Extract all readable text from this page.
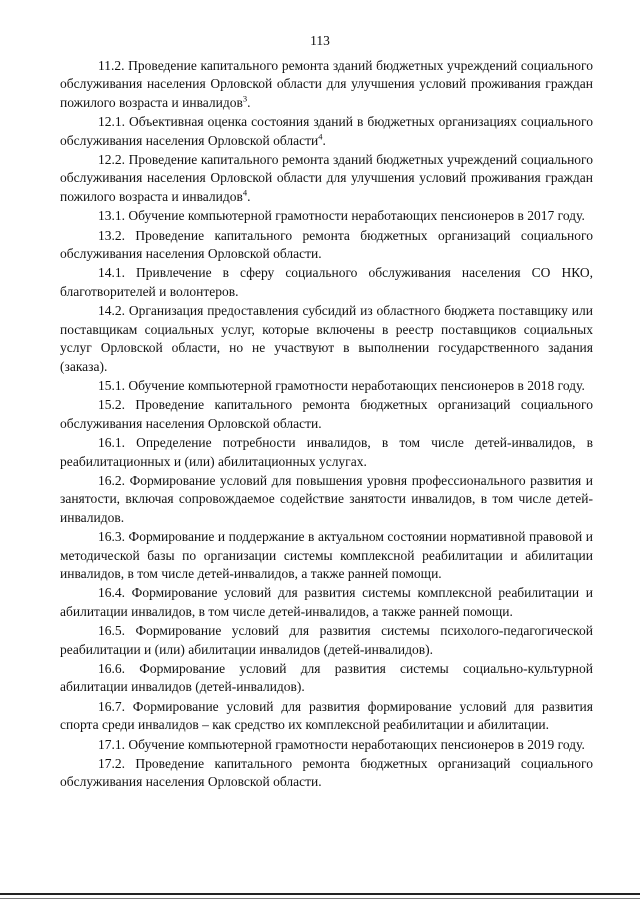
113

11.2. Проведение капитального ремонта зданий бюджетных учреждений социального обслуживания населения Орловской области для улучшения условий проживания граждан пожилого возраста и инвалидов$^3$.

12.1. Объективная оценка состояния зданий в бюджетных организациях социального обслуживания населения Орловской области$^4$.

12.2. Проведение капитального ремонта зданий бюджетных учреждений социального обслуживания населения Орловской области для улучшения условий проживания граждан пожилого возраста и инвалидов$^4$.

13.1. Обучение компьютерной грамотности неработающих пенсионеров в 2017 году.

13.2. Проведение капитального ремонта бюджетных организаций социального обслуживания населения Орловской области.

14.1. Привлечение в сферу социального обслуживания населения СО НКО, благотворителей и волонтеров.

14.2. Организация предоставления субсидий из областного бюджета поставщику или поставщикам социальных услуг, которые включены в реестр поставщиков социальных услуг Орловской области, но не участвуют в выполнении государственного задания (заказа).

15.1. Обучение компьютерной грамотности неработающих пенсионеров в 2018 году.

15.2. Проведение капитального ремонта бюджетных организаций социального обслуживания населения Орловской области.

16.1. Определение потребности инвалидов, в том числе детей-инвалидов, в реабилитационных и (или) абилитационных услугах.

16.2. Формирование условий для повышения уровня профессионального развития и занятости, включая сопровождаемое содействие занятости инвалидов, в том числе детей-инвалидов.

16.3. Формирование и поддержание в актуальном состоянии нормативной правовой и методической базы по организации системы комплексной реабилитации и абилитации инвалидов, в том числе детей-инвалидов, а также ранней помощи.

16.4. Формирование условий для развития системы комплексной реабилитации и абилитации инвалидов, в том числе детей-инвалидов, а также ранней помощи.

16.5. Формирование условий для развития системы психолого-педагогической реабилитации и (или) абилитации инвалидов (детей-инвалидов).

16.6. Формирование условий для развития системы социально-культурной абилитации инвалидов (детей-инвалидов).

16.7. Формирование условий для развития формирование условий для развития спорта среди инвалидов – как средство их комплексной реабилитации и абилитации.

17.1. Обучение компьютерной грамотности неработающих пенсионеров в 2019 году.

17.2. Проведение капитального ремонта бюджетных организаций социального обслуживания населения Орловской области.
